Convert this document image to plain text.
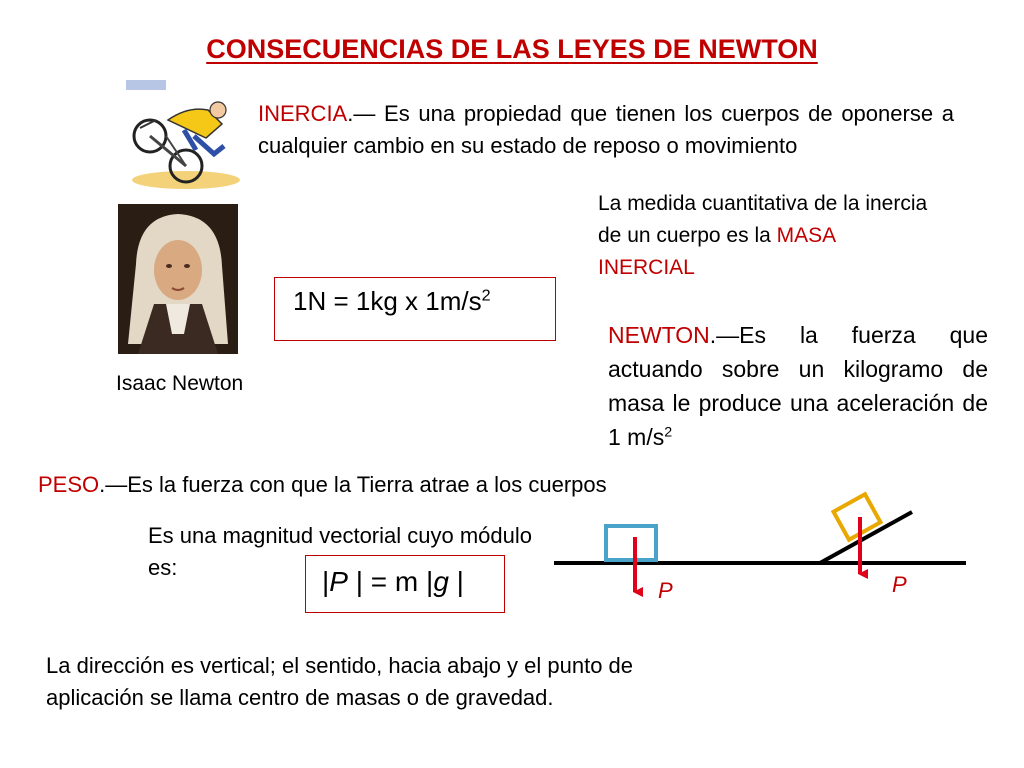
CONSECUENCIAS DE LAS LEYES DE NEWTON
INERCIA.— Es una propiedad que tienen los cuerpos de oponerse a cualquier cambio en su estado de reposo o movimiento
La medida cuantitativa de la inercia de un cuerpo es la MASA INERCIAL
1N = 1kg x $1m/s^2$
Isaac Newton
NEWTON.—Es la fuerza que actuando sobre un kilogramo de masa le produce una aceleración de 1 $m/s^2$
PESO.—Es la fuerza con que la Tierra atrae a los cuerpos
Es una magnitud vectorial cuyo módulo es:	|P | = m |g |	P	P
La dirección es vertical; el sentido, hacia abajo y el punto de aplicación se llama centro de masas o de gravedad.
